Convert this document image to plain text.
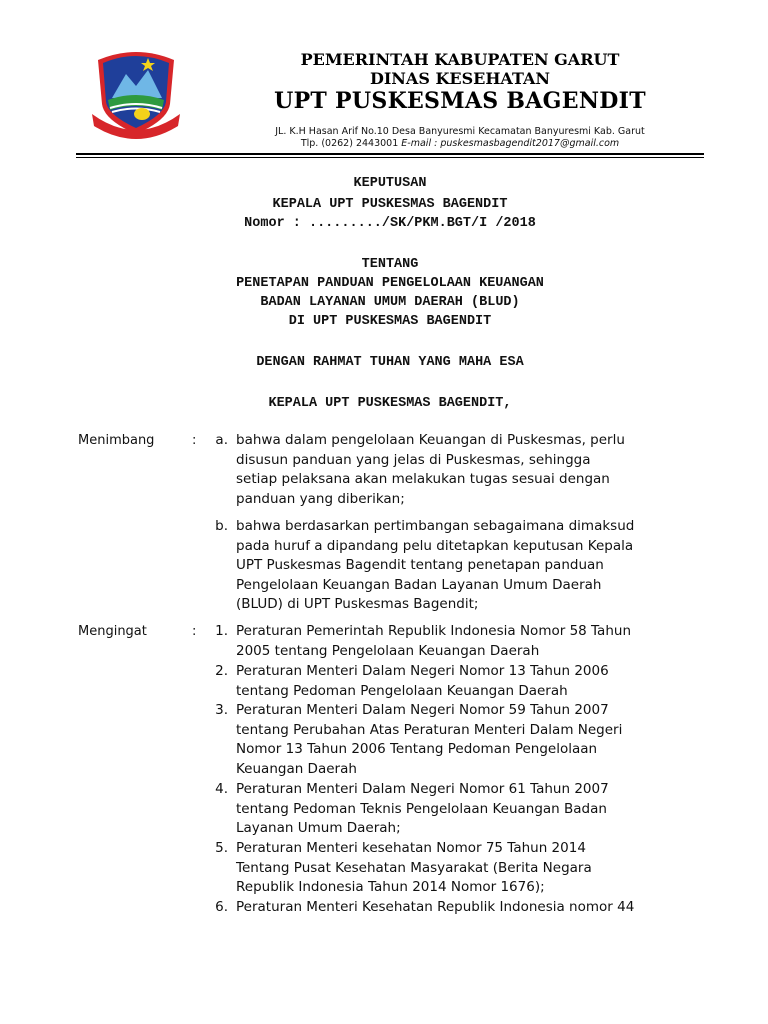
PEMERINTAH KABUPATEN GARUT
DINAS KESEHATAN
UPT PUSKESMAS BAGENDIT
JL. K.H Hasan Arif No.10 Desa Banyuresmi Kecamatan Banyuresmi Kab. Garut
Tlp. (0262) 2443001 E-mail : puskesmasbagendit2017@gmail.com
KEPUTUSAN
KEPALA UPT PUSKESMAS BAGENDIT
Nomor : ........./SK/PKM.BGT/I /2018
TENTANG
PENETAPAN PANDUAN PENGELOLAAN KEUANGAN
BADAN LAYANAN UMUM DAERAH (BLUD)
DI UPT PUSKESMAS BAGENDIT
DENGAN RAHMAT TUHAN YANG MAHA ESA
KEPALA UPT PUSKESMAS BAGENDIT,
Menimbang	:	a. bahwa dalam pengelolaan Keuangan di Puskesmas, perlu
disusun panduan yang jelas di Puskesmas, sehingga
setiap pelaksana akan melakukan tugas sesuai dengan
panduan yang diberikan;
b. bahwa berdasarkan pertimbangan sebagaimana dimaksud
pada huruf a dipandang pelu ditetapkan keputusan Kepala
UPT Puskesmas Bagendit tentang penetapan panduan
Pengelolaan Keuangan Badan Layanan Umum Daerah
(BLUD) di UPT Puskesmas Bagendit;
Mengingat	:	1. Peraturan Pemerintah Republik Indonesia Nomor 58 Tahun
2005 tentang Pengelolaan Keuangan Daerah
2. Peraturan Menteri Dalam Negeri Nomor 13 Tahun 2006
tentang Pedoman Pengelolaan Keuangan Daerah
3. Peraturan Menteri Dalam Negeri Nomor 59 Tahun 2007
tentang Perubahan Atas Peraturan Menteri Dalam Negeri
Nomor 13 Tahun 2006 Tentang Pedoman Pengelolaan
Keuangan Daerah
4. Peraturan Menteri Dalam Negeri Nomor 61 Tahun 2007
tentang Pedoman Teknis Pengelolaan Keuangan Badan
Layanan Umum Daerah;
5. Peraturan Menteri kesehatan Nomor 75 Tahun 2014
Tentang Pusat Kesehatan Masyarakat (Berita Negara
Republik Indonesia Tahun 2014 Nomor 1676);
6. Peraturan Menteri Kesehatan Republik Indonesia nomor 44
